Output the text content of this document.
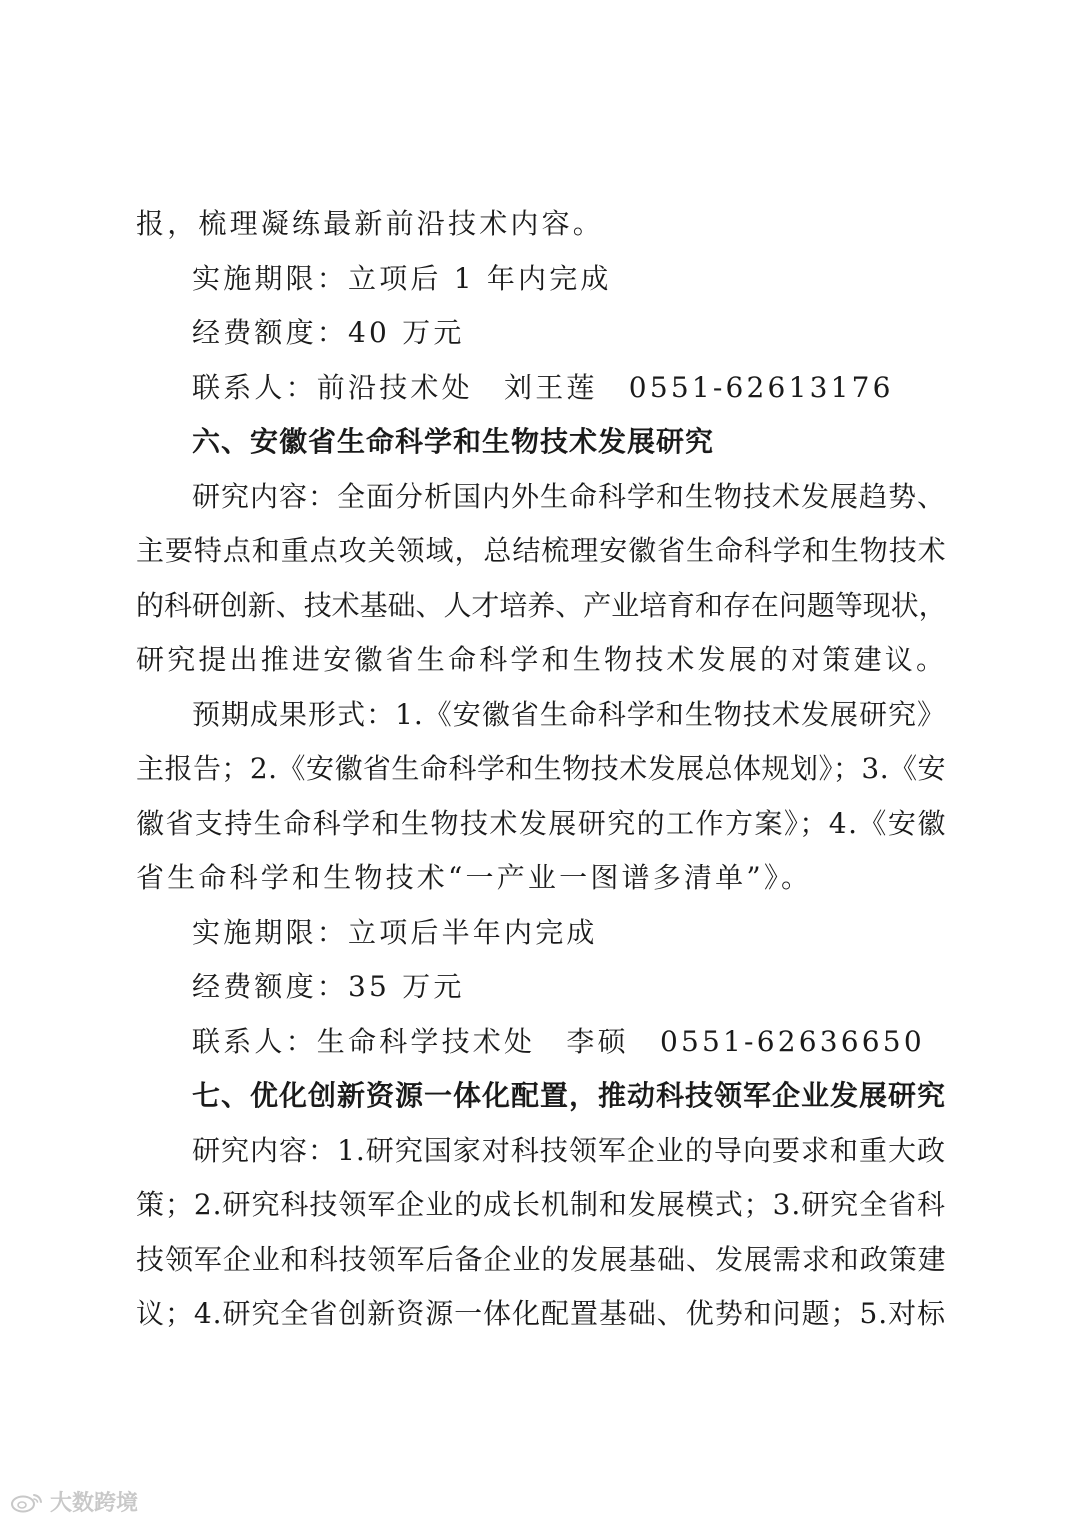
报，梳理凝练最新前沿技术内容。
实施期限：立项后 1 年内完成
经费额度：40 万元
联系人：前沿技术处　刘王莲　0551-62613176
六、安徽省生命科学和生物技术发展研究
研究内容：全面分析国内外生命科学和生物技术发展趋势、
主要特点和重点攻关领域，总结梳理安徽省生命科学和生物技术
的科研创新、技术基础、人才培养、产业培育和存在问题等现状，
研究提出推进安徽省生命科学和生物技术发展的对策建议。
预期成果形式：1.《安徽省生命科学和生物技术发展研究》
主报告；2.《安徽省生命科学和生物技术发展总体规划》；3.《安
徽省支持生命科学和生物技术发展研究的工作方案》；4.《安徽
省生命科学和生物技术“一产业一图谱多清单”》。
实施期限：立项后半年内完成
经费额度：35 万元
联系人：生命科学技术处　李硕　0551-62636650
七、优化创新资源一体化配置，推动科技领军企业发展研究
研究内容：1.研究国家对科技领军企业的导向要求和重大政
策；2.研究科技领军企业的成长机制和发展模式；3.研究全省科
技领军企业和科技领军后备企业的发展基础、发展需求和政策建
议；4.研究全省创新资源一体化配置基础、优势和问题；5.对标
大数跨境
